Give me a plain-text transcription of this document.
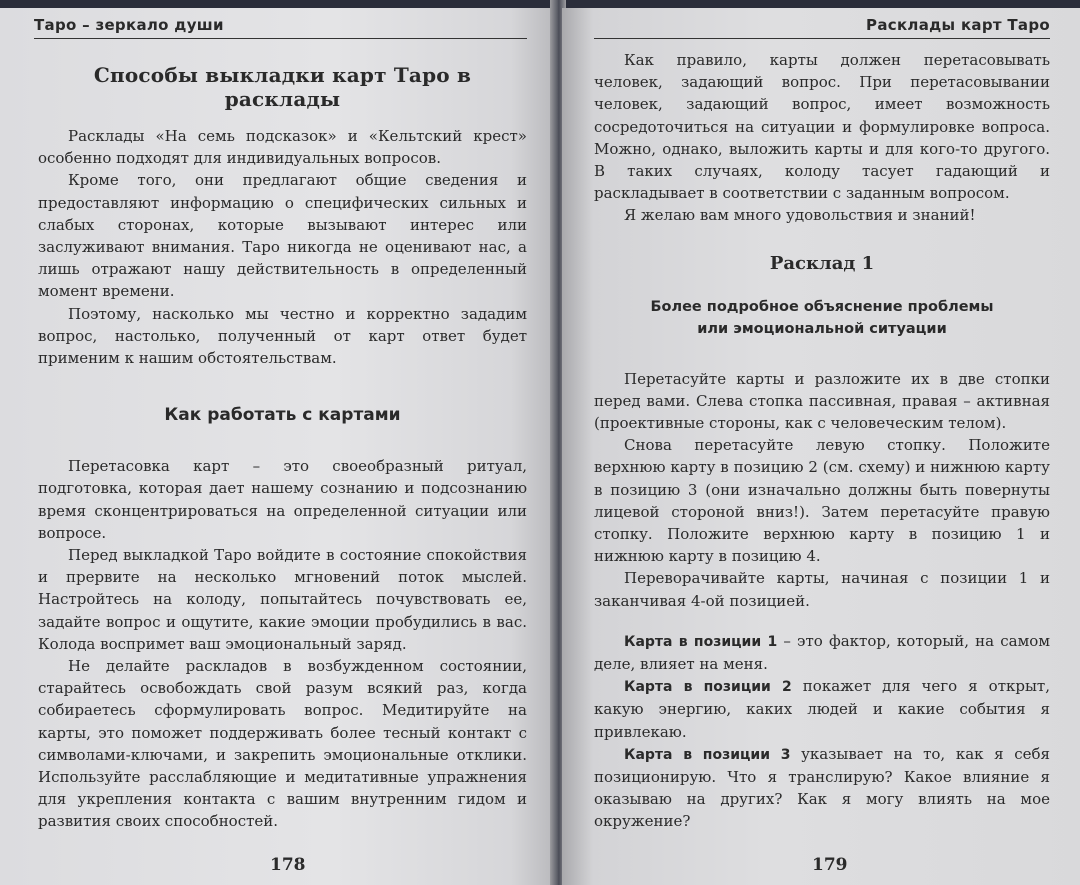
Таро – зеркало души
Способы выкладки карт Таро в расклады

Расклады «На семь подсказок» и «Кельтский крест» особенно подходят для индивидуальных вопросов.

Кроме того, они предлагают общие сведения и предоставляют информацию о специфических сильных и слабых сторонах, которые вызывают интерес или заслуживают внимания. Таро никогда не оценивают нас, а лишь отражают нашу действительность в определенный момент времени.

Поэтому, насколько мы честно и корректно зададим вопрос, настолько, полученный от карт ответ будет применим к нашим обстоятельствам.

Как работать с картами

Перетасовка карт – это своеобразный ритуал, подготовка, которая дает нашему сознанию и подсознанию время сконцентрироваться на определенной ситуации или вопросе.

Перед выкладкой Таро войдите в состояние спокойствия и прервите на несколько мгновений поток мыслей. Настройтесь на колоду, попытайтесь почувствовать ее, задайте вопрос и ощутите, какие эмоции пробудились в вас. Колода воспримет ваш эмоциональный заряд.

Не делайте раскладов в возбужденном состоянии, старайтесь освобождать свой разум всякий раз, когда собираетесь сформулировать вопрос. Медитируйте на карты, это поможет поддерживать более тесный контакт с символами-ключами, и закрепить эмоциональные отклики. Используйте расслабляющие и медитативные упражнения для укрепления контакта с вашим внутренним гидом и развития своих способностей.

178
Расклады карт Таро

Как правило, карты должен перетасовывать человек, задающий вопрос. При перетасовывании человек, задающий вопрос, имеет возможность сосредоточиться на ситуации и формулировке вопроса. Можно, однако, выложить карты и для кого-то другого. В таких случаях, колоду тасует гадающий и раскладывает в соответствии с заданным вопросом.

Я желаю вам много удовольствия и знаний!

Расклад 1
Более подробное объяснение проблемы
или эмоциональной ситуации

Перетасуйте карты и разложите их в две стопки перед вами. Слева стопка пассивная, правая – активная (проективные стороны, как с человеческим телом).

Снова перетасуйте левую стопку. Положите верхнюю карту в позицию 2 (см. схему) и нижнюю карту в позицию 3 (они изначально должны быть повернуты лицевой стороной вниз!). Затем перетасуйте правую стопку. Положите верхнюю карту в позицию 1 и нижнюю карту в позицию 4.

Переворачивайте карты, начиная с позиции 1 и заканчивая 4-ой позицией.

Карта в позиции 1 – это фактор, который, на самом деле, влияет на меня.

Карта в позиции 2 покажет для чего я открыт, какую энергию, каких людей и какие события я привлекаю.

Карта в позиции 3 указывает на то, как я себя позиционирую. Что я транслирую? Какое влияние я оказываю на других? Как я могу влиять на мое окружение?

179
